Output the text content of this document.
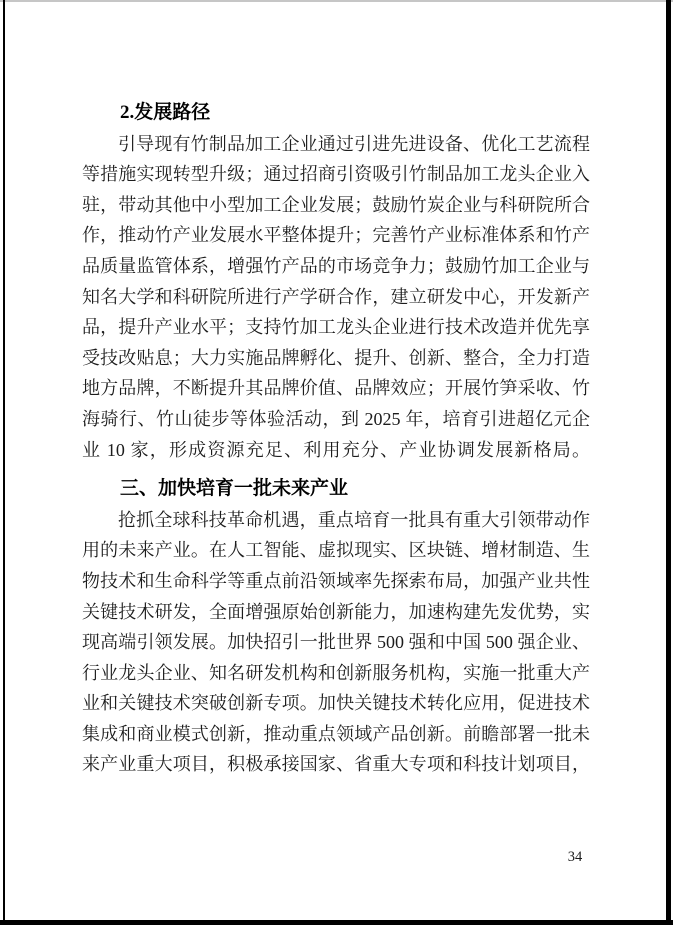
2.发展路径
引导现有竹制品加工企业通过引进先进设备、优化工艺流程
等措施实现转型升级；通过招商引资吸引竹制品加工龙头企业入
驻，带动其他中小型加工企业发展；鼓励竹炭企业与科研院所合
作，推动竹产业发展水平整体提升；完善竹产业标准体系和竹产
品质量监管体系，增强竹产品的市场竞争力；鼓励竹加工企业与
知名大学和科研院所进行产学研合作，建立研发中心，开发新产
品，提升产业水平；支持竹加工龙头企业进行技术改造并优先享
受技改贴息；大力实施品牌孵化、提升、创新、整合，全力打造
地方品牌，不断提升其品牌价值、品牌效应；开展竹笋采收、竹
海骑行、竹山徒步等体验活动，到 2025 年，培育引进超亿元企
业 10 家，形成资源充足、利用充分、产业协调发展新格局。
三、加快培育一批未来产业
抢抓全球科技革命机遇，重点培育一批具有重大引领带动作
用的未来产业。在人工智能、虚拟现实、区块链、增材制造、生
物技术和生命科学等重点前沿领域率先探索布局，加强产业共性
关键技术研发，全面增强原始创新能力，加速构建先发优势，实
现高端引领发展。加快招引一批世界 500 强和中国 500 强企业、
行业龙头企业、知名研发机构和创新服务机构，实施一批重大产
业和关键技术突破创新专项。加快关键技术转化应用，促进技术
集成和商业模式创新，推动重点领域产品创新。前瞻部署一批未
来产业重大项目，积极承接国家、省重大专项和科技计划项目，
34
